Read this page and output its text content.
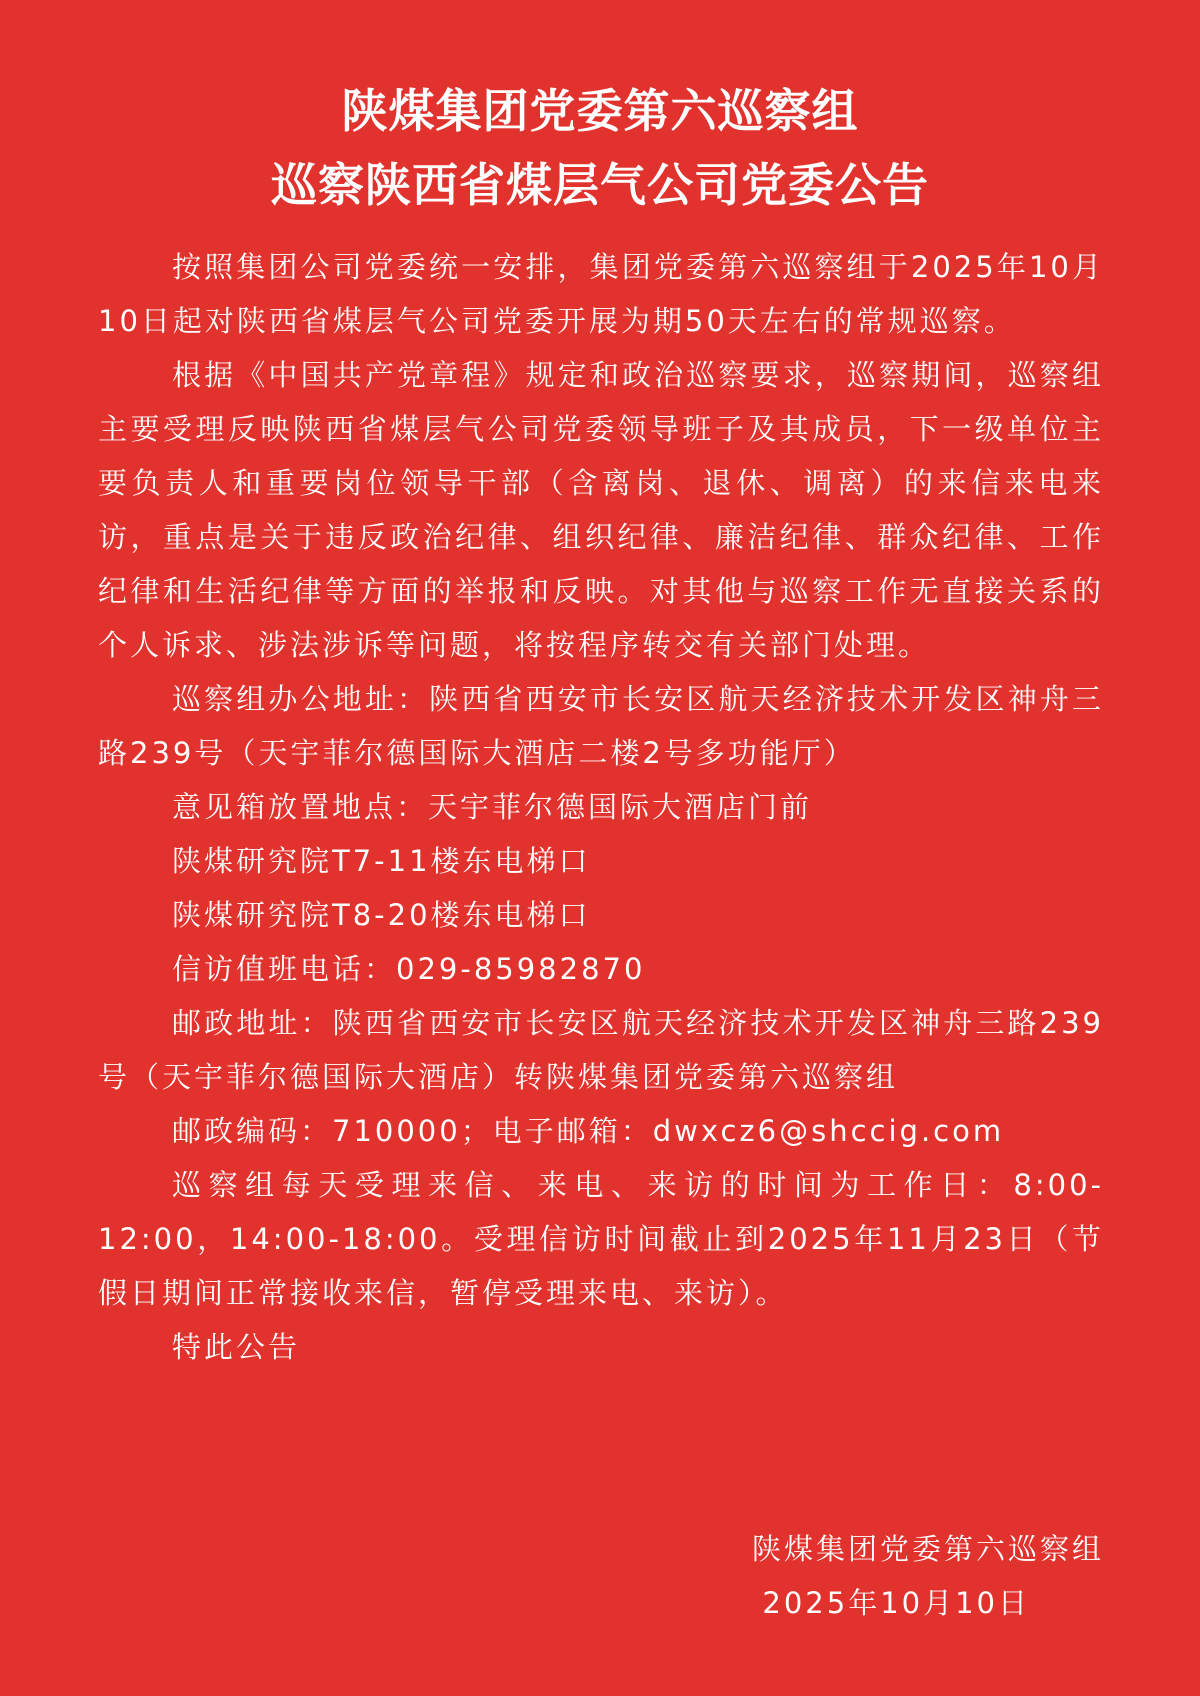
陕煤集团党委第六巡察组
巡察陕西省煤层气公司党委公告

按照集团公司党委统一安排，集团党委第六巡察组于2025年10月10日起对陕西省煤层气公司党委开展为期50天左右的常规巡察。

根据《中国共产党章程》规定和政治巡察要求，巡察期间，巡察组主要受理反映陕西省煤层气公司党委领导班子及其成员，下一级单位主要负责人和重要岗位领导干部（含离岗、退休、调离）的来信来电来访，重点是关于违反政治纪律、组织纪律、廉洁纪律、群众纪律、工作纪律和生活纪律等方面的举报和反映。对其他与巡察工作无直接关系的个人诉求、涉法涉诉等问题，将按程序转交有关部门处理。

巡察组办公地址：陕西省西安市长安区航天经济技术开发区神舟三路239号（天宇菲尔德国际大酒店二楼2号多功能厅）

意见箱放置地点：天宇菲尔德国际大酒店门前

陕煤研究院T7-11楼东电梯口

陕煤研究院T8-20楼东电梯口

信访值班电话：029-85982870

邮政地址：陕西省西安市长安区航天经济技术开发区神舟三路239号（天宇菲尔德国际大酒店）转陕煤集团党委第六巡察组

邮政编码：710000；电子邮箱：dwxcz6@shccig.com

巡察组每天受理来信、来电、来访的时间为工作日：8:00-12:00，14:00-18:00。受理信访时间截止到2025年11月23日（节假日期间正常接收来信，暂停受理来电、来访）。

特此公告

陕煤集团党委第六巡察组

2025年10月10日
